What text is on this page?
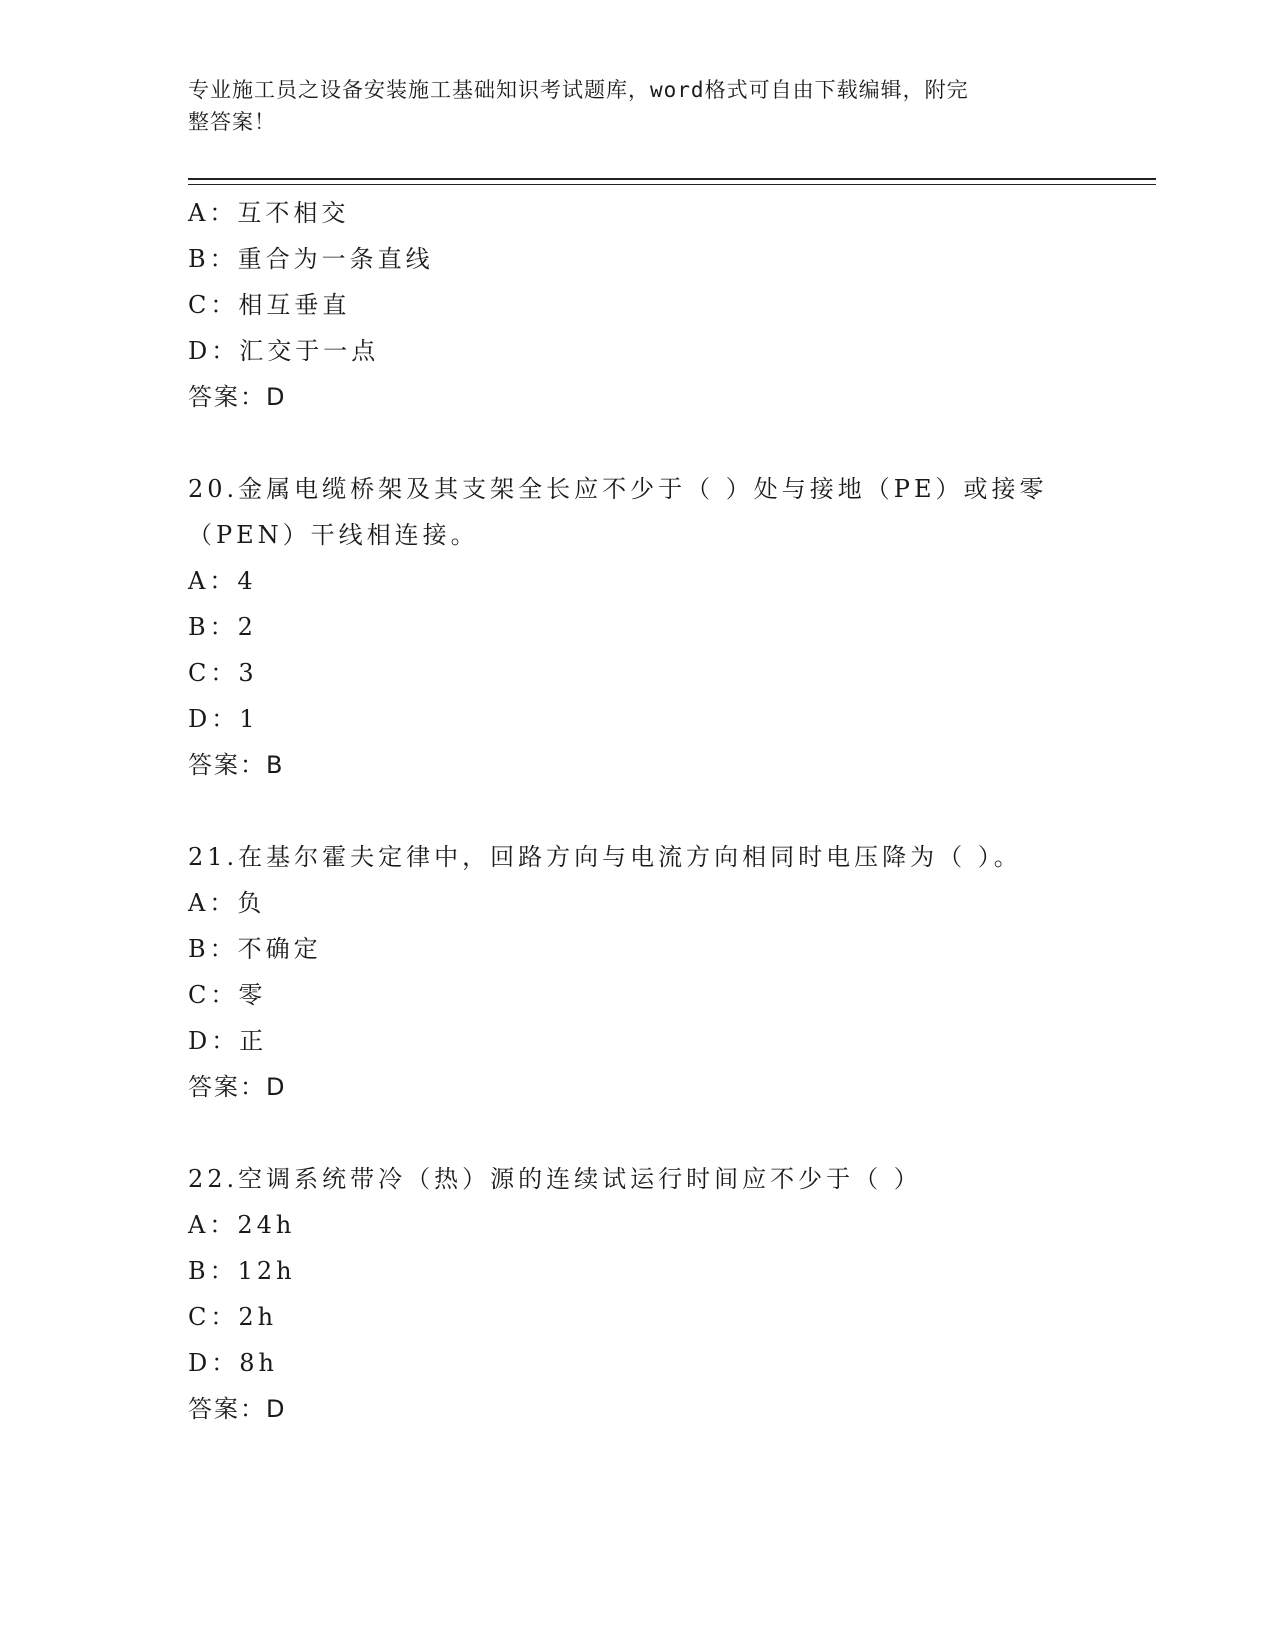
专业施工员之设备安装施工基础知识考试题库，word格式可自由下载编辑，附完
整答案！
A：互不相交
B：重合为一条直线
C：相互垂直
D：汇交于一点
答案：D
20.金属电缆桥架及其支架全长应不少于（ ）处与接地（PE）或接零
（PEN）干线相连接。
A：4
B：2
C：3
D：1
答案：B
21.在基尔霍夫定律中，回路方向与电流方向相同时电压降为（ ）。
A：负
B：不确定
C：零
D：正
答案：D
22.空调系统带冷（热）源的连续试运行时间应不少于（ ）
A：24h
B：12h
C：2h
D：8h
答案：D
